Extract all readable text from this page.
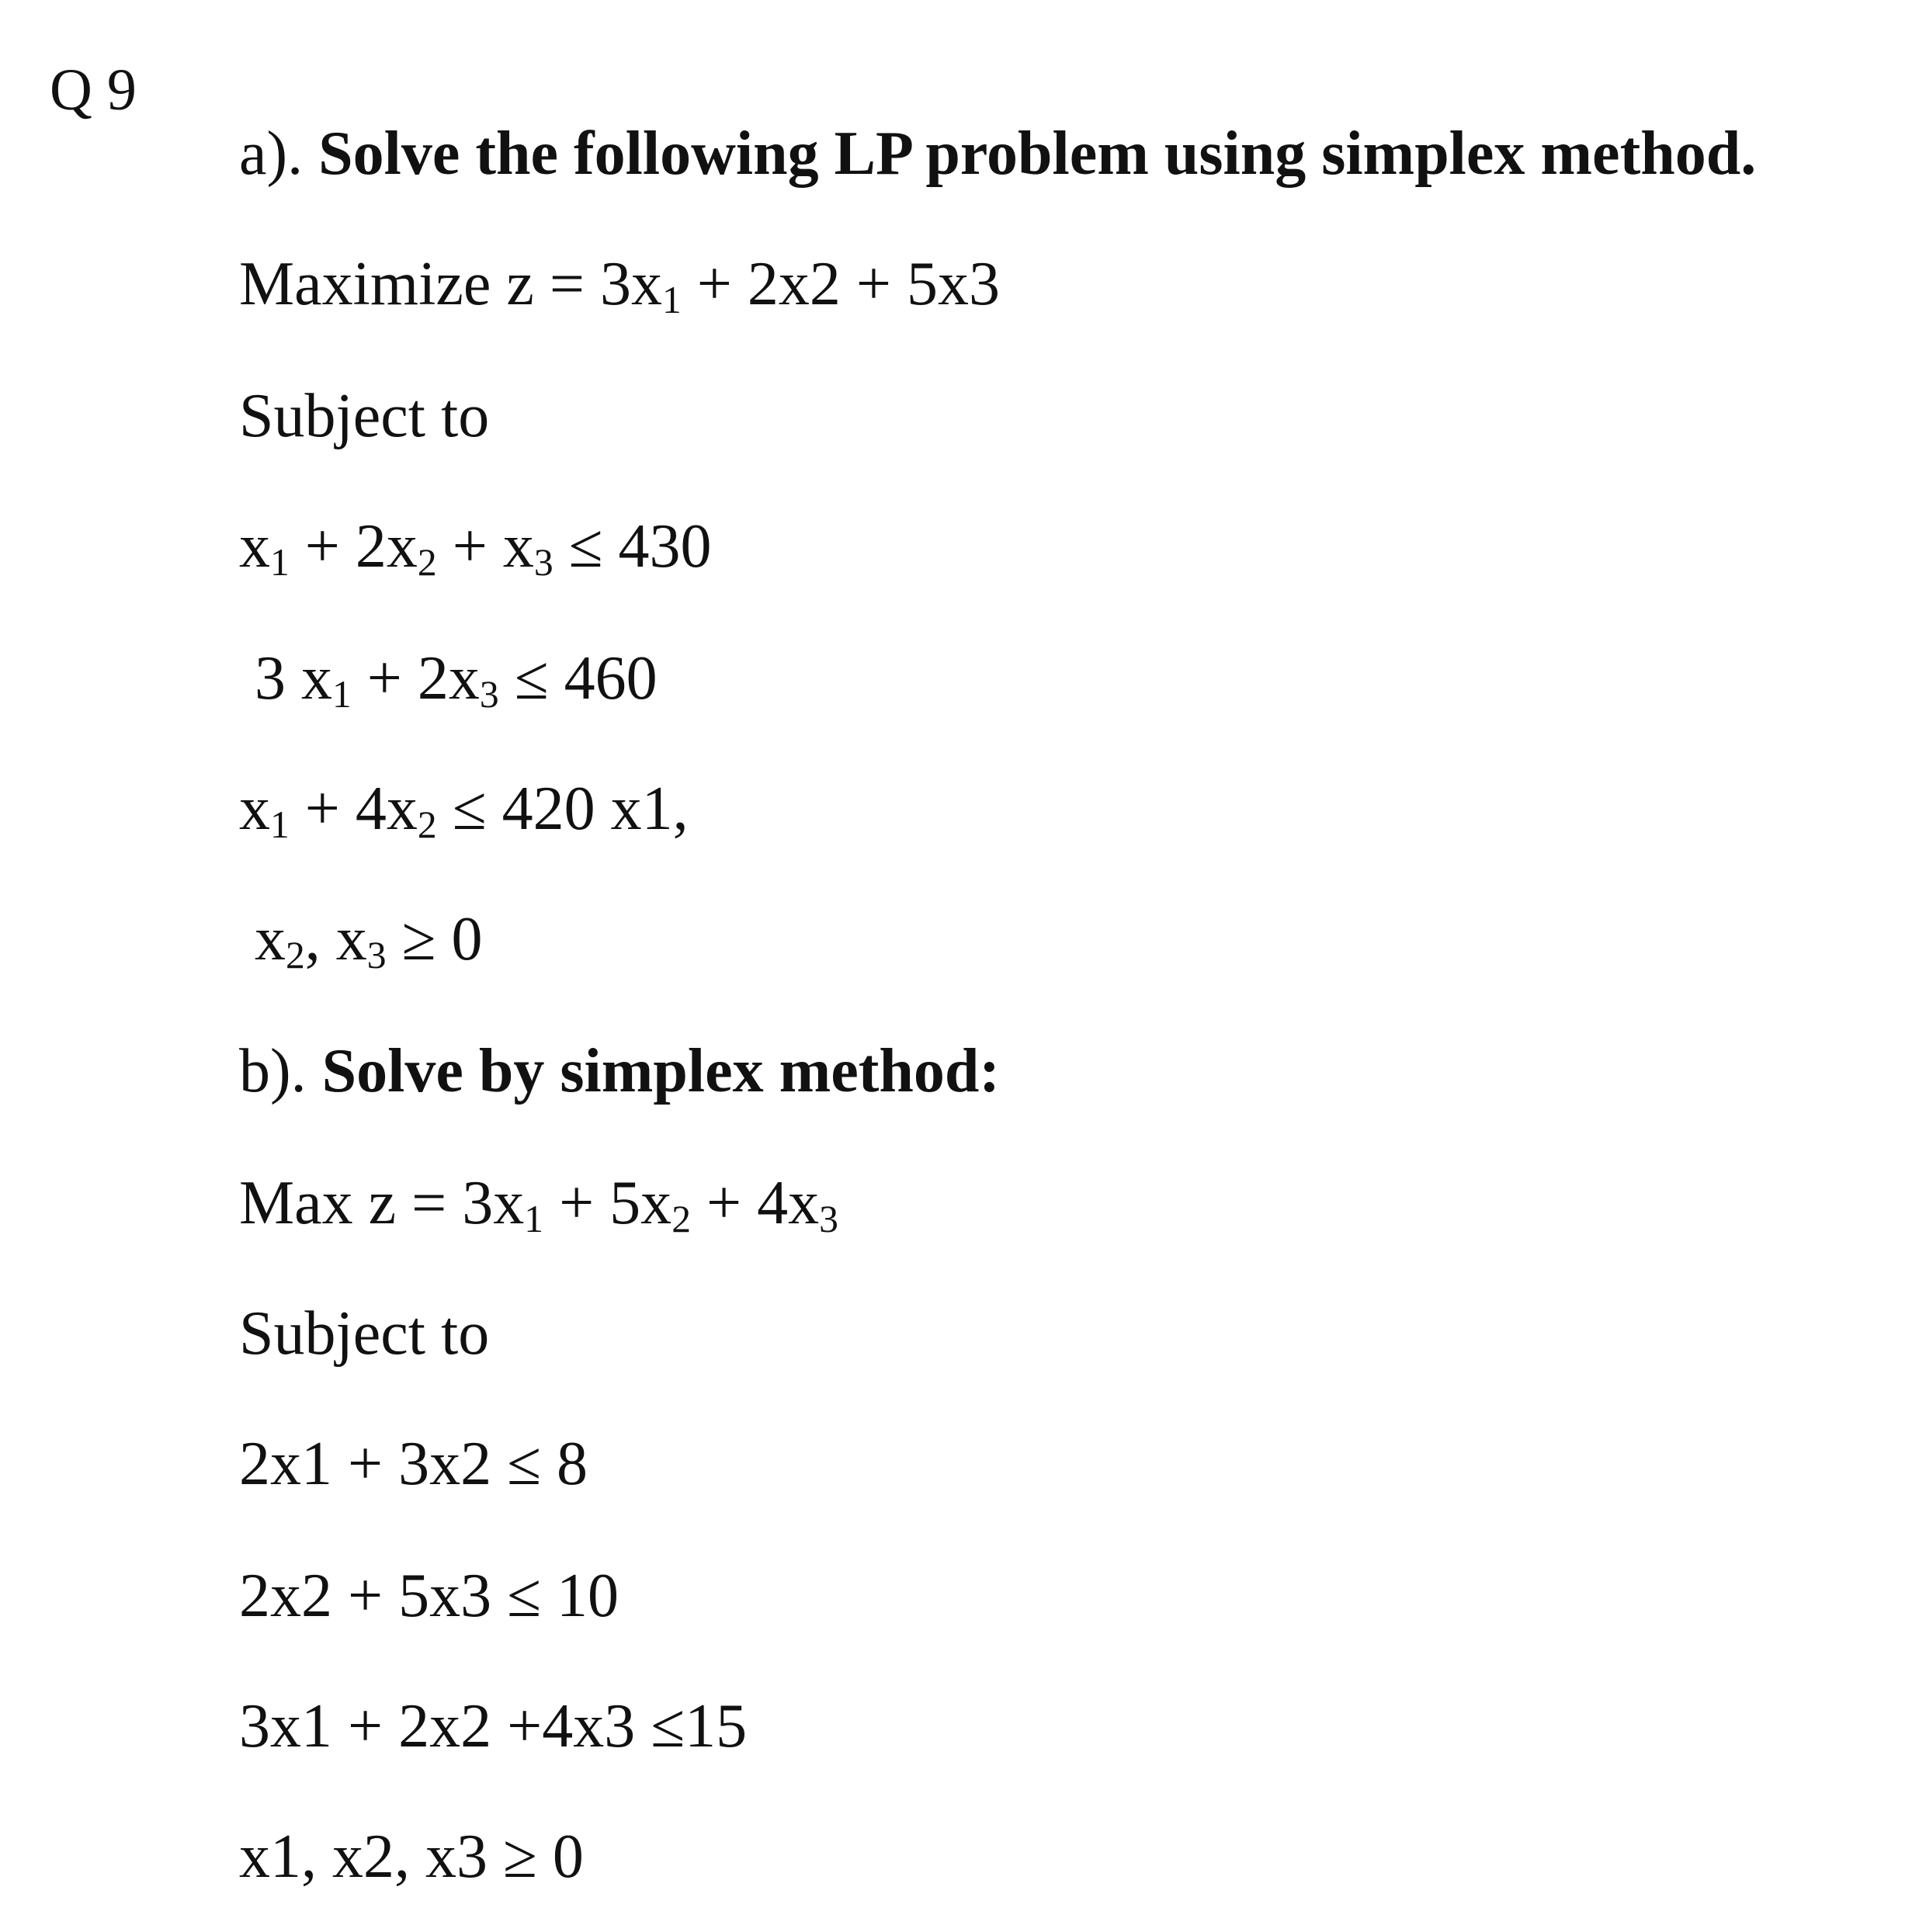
Q 9
a). Solve the following LP problem using simplex method.
Maximize $z = 3x_1 + 2x2 + 5x3$
Subject to
$x_1 + 2x_2 + x_3 \le 430$
3 $x_1 + 2x_3 \le 460$
$x_1 + 4x_2 \le 420$ x1,
$x_2$, $x_3 \ge 0$
b). Solve by simplex method:
Max $z = 3x_1 + 5x_2 + 4x_3$
Subject to
2x1 + 3x2 ≤ 8
2x2 + 5x3 ≤ 10
3x1 + 2x2 +4x3 ≤15
x1, x2, x3 ≥ 0
